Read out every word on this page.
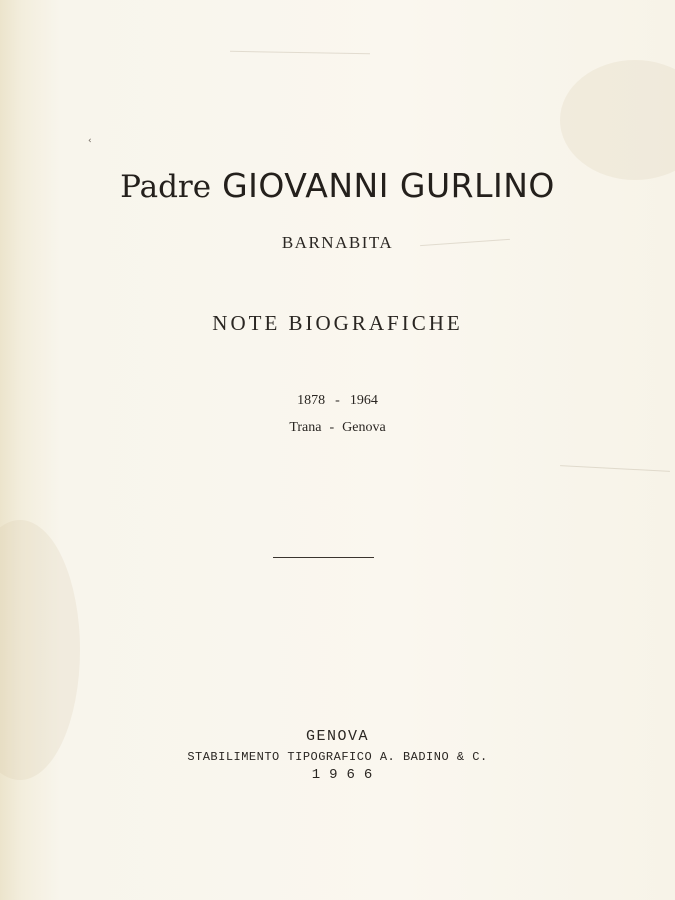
‹
Padre GIOVANNI GURLINO
BARNABITA
NOTE BIOGRAFICHE
1878 - 1964
Trana - Genova
GENOVA
STABILIMENTO TIPOGRAFICO A. BADINO & C.
1966
